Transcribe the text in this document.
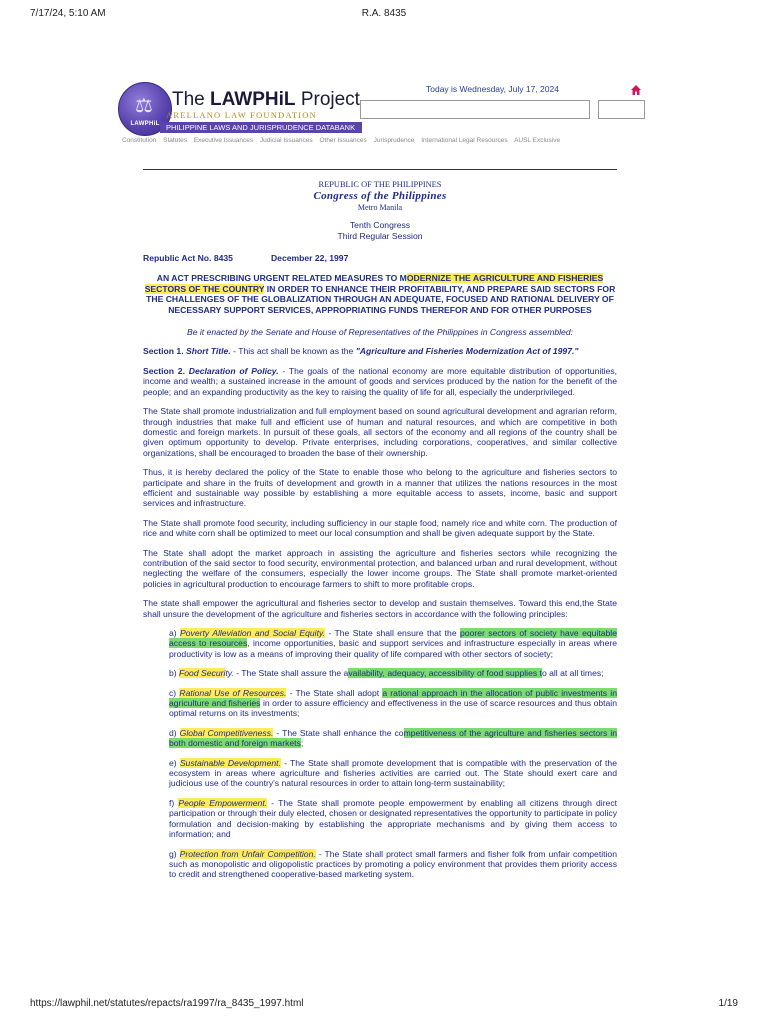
7/17/24, 5:10 AM	R.A. 8435
⚖
LAWPHiL
The LAWPHiL Project
ARELLANO LAW FOUNDATION
PHILIPPINE LAWS AND JURISPRUDENCE DATABANK
Today is Wednesday, July 17, 2024
Constitution Statutes Executive Issuances Judicial Issuances Other Issuances Jurisprudence International Legal Resources AUSL Exclusive
REPUBLIC OF THE PHILIPPINES
Congress of the Philippines
Metro Manila
Tenth Congress
Third Regular Session
Republic Act No. 8435	December 22, 1997
AN ACT PRESCRIBING URGENT RELATED MEASURES TO MODERNIZE THE AGRICULTURE AND FISHERIES SECTORS OF THE COUNTRY IN ORDER TO ENHANCE THEIR PROFITABILITY, AND PREPARE SAID SECTORS FOR THE CHALLENGES OF THE GLOBALIZATION THROUGH AN ADEQUATE, FOCUSED AND RATIONAL DELIVERY OF NECESSARY SUPPORT SERVICES, APPROPRIATING FUNDS THEREFOR AND FOR OTHER PURPOSES
Be it enacted by the Senate and House of Representatives of the Philippines in Congress assembled:

Section 1. Short Title. - This act shall be known as the "Agriculture and Fisheries Modernization Act of 1997."

Section 2. Declaration of Policy. - The goals of the national economy are more equitable distribution of opportunities, income and wealth; a sustained increase in the amount of goods and services produced by the nation for the benefit of the people; and an expanding productivity as the key to raising the quality of life for all, especially the underprivileged.

The State shall promote industrialization and full employment based on sound agricultural development and agrarian reform, through industries that make full and efficient use of human and natural resources, and which are competitive in both domestic and foreign markets. In pursuit of these goals, all sectors of the economy and all regions of the country shall be given optimum opportunity to develop. Private enterprises, including corporations, cooperatives, and similar collective organizations, shall be encouraged to broaden the base of their ownership.

Thus, it is hereby declared the policy of the State to enable those who belong to the agriculture and fisheries sectors to participate and share in the fruits of development and growth in a manner that utilizes the nations resources in the most efficient and sustainable way possible by establishing a more equitable access to assets, income, basic and support services and infrastructure.

The State shall promote food security, including sufficiency in our staple food, namely rice and white corn. The production of rice and white corn shall be optimized to meet our local consumption and shall be given adequate support by the State.

The State shall adopt the market approach in assisting the agriculture and fisheries sectors while recognizing the contribution of the said sector to food security, environmental protection, and balanced urban and rural development, without neglecting the welfare of the consumers, especially the lower income groups. The State shall promote market-oriented policies in agricultural production to encourage farmers to shift to more profitable crops.

The state shall empower the agricultural and fisheries sector to develop and sustain themselves. Toward this end,the State shall unsure the development of the agriculture and fisheries sectors in accordance with the following principles:

a) Poverty Alleviation and Social Equity. - The State shall ensure that the poorer sectors of society have equitable access to resources, income opportunities, basic and support services and infrastructure especially in areas where productivity is low as a means of improving their quality of life compared with other sectors of society;

b) Food Security. - The State shall assure the availability, adequacy, accessibility of food supplies to all at all times;

c) Rational Use of Resources. - The State shall adopt a rational approach in the allocation of public investments in agriculture and fisheries in order to assure efficiency and effectiveness in the use of scarce resources and thus obtain optimal returns on its investments;

d) Global Competitiveness. - The State shall enhance the competitiveness of the agriculture and fisheries sectors in both domestic and foreign markets;

e) Sustainable Development. - The State shall promote development that is compatible with the preservation of the ecosystem in areas where agriculture and fisheries activities are carried out. The State should exert care and judicious use of the country's natural resources in order to attain long-term sustainability;

f) People Empowerment. - The State shall promote people empowerment by enabling all citizens through direct participation or through their duly elected, chosen or designated representatives the opportunity to participate in policy formulation and decision-making by establishing the appropriate mechanisms and by giving them access to information; and

g) Protection from Unfair Competition. - The State shall protect small farmers and fisher folk from unfair competition such as monopolistic and oligopolistic practices by promoting a policy environment that provides them priority access to credit and strengthened cooperative-based marketing system.

https://lawphil.net/statutes/repacts/ra1997/ra_8435_1997.html	1/19
